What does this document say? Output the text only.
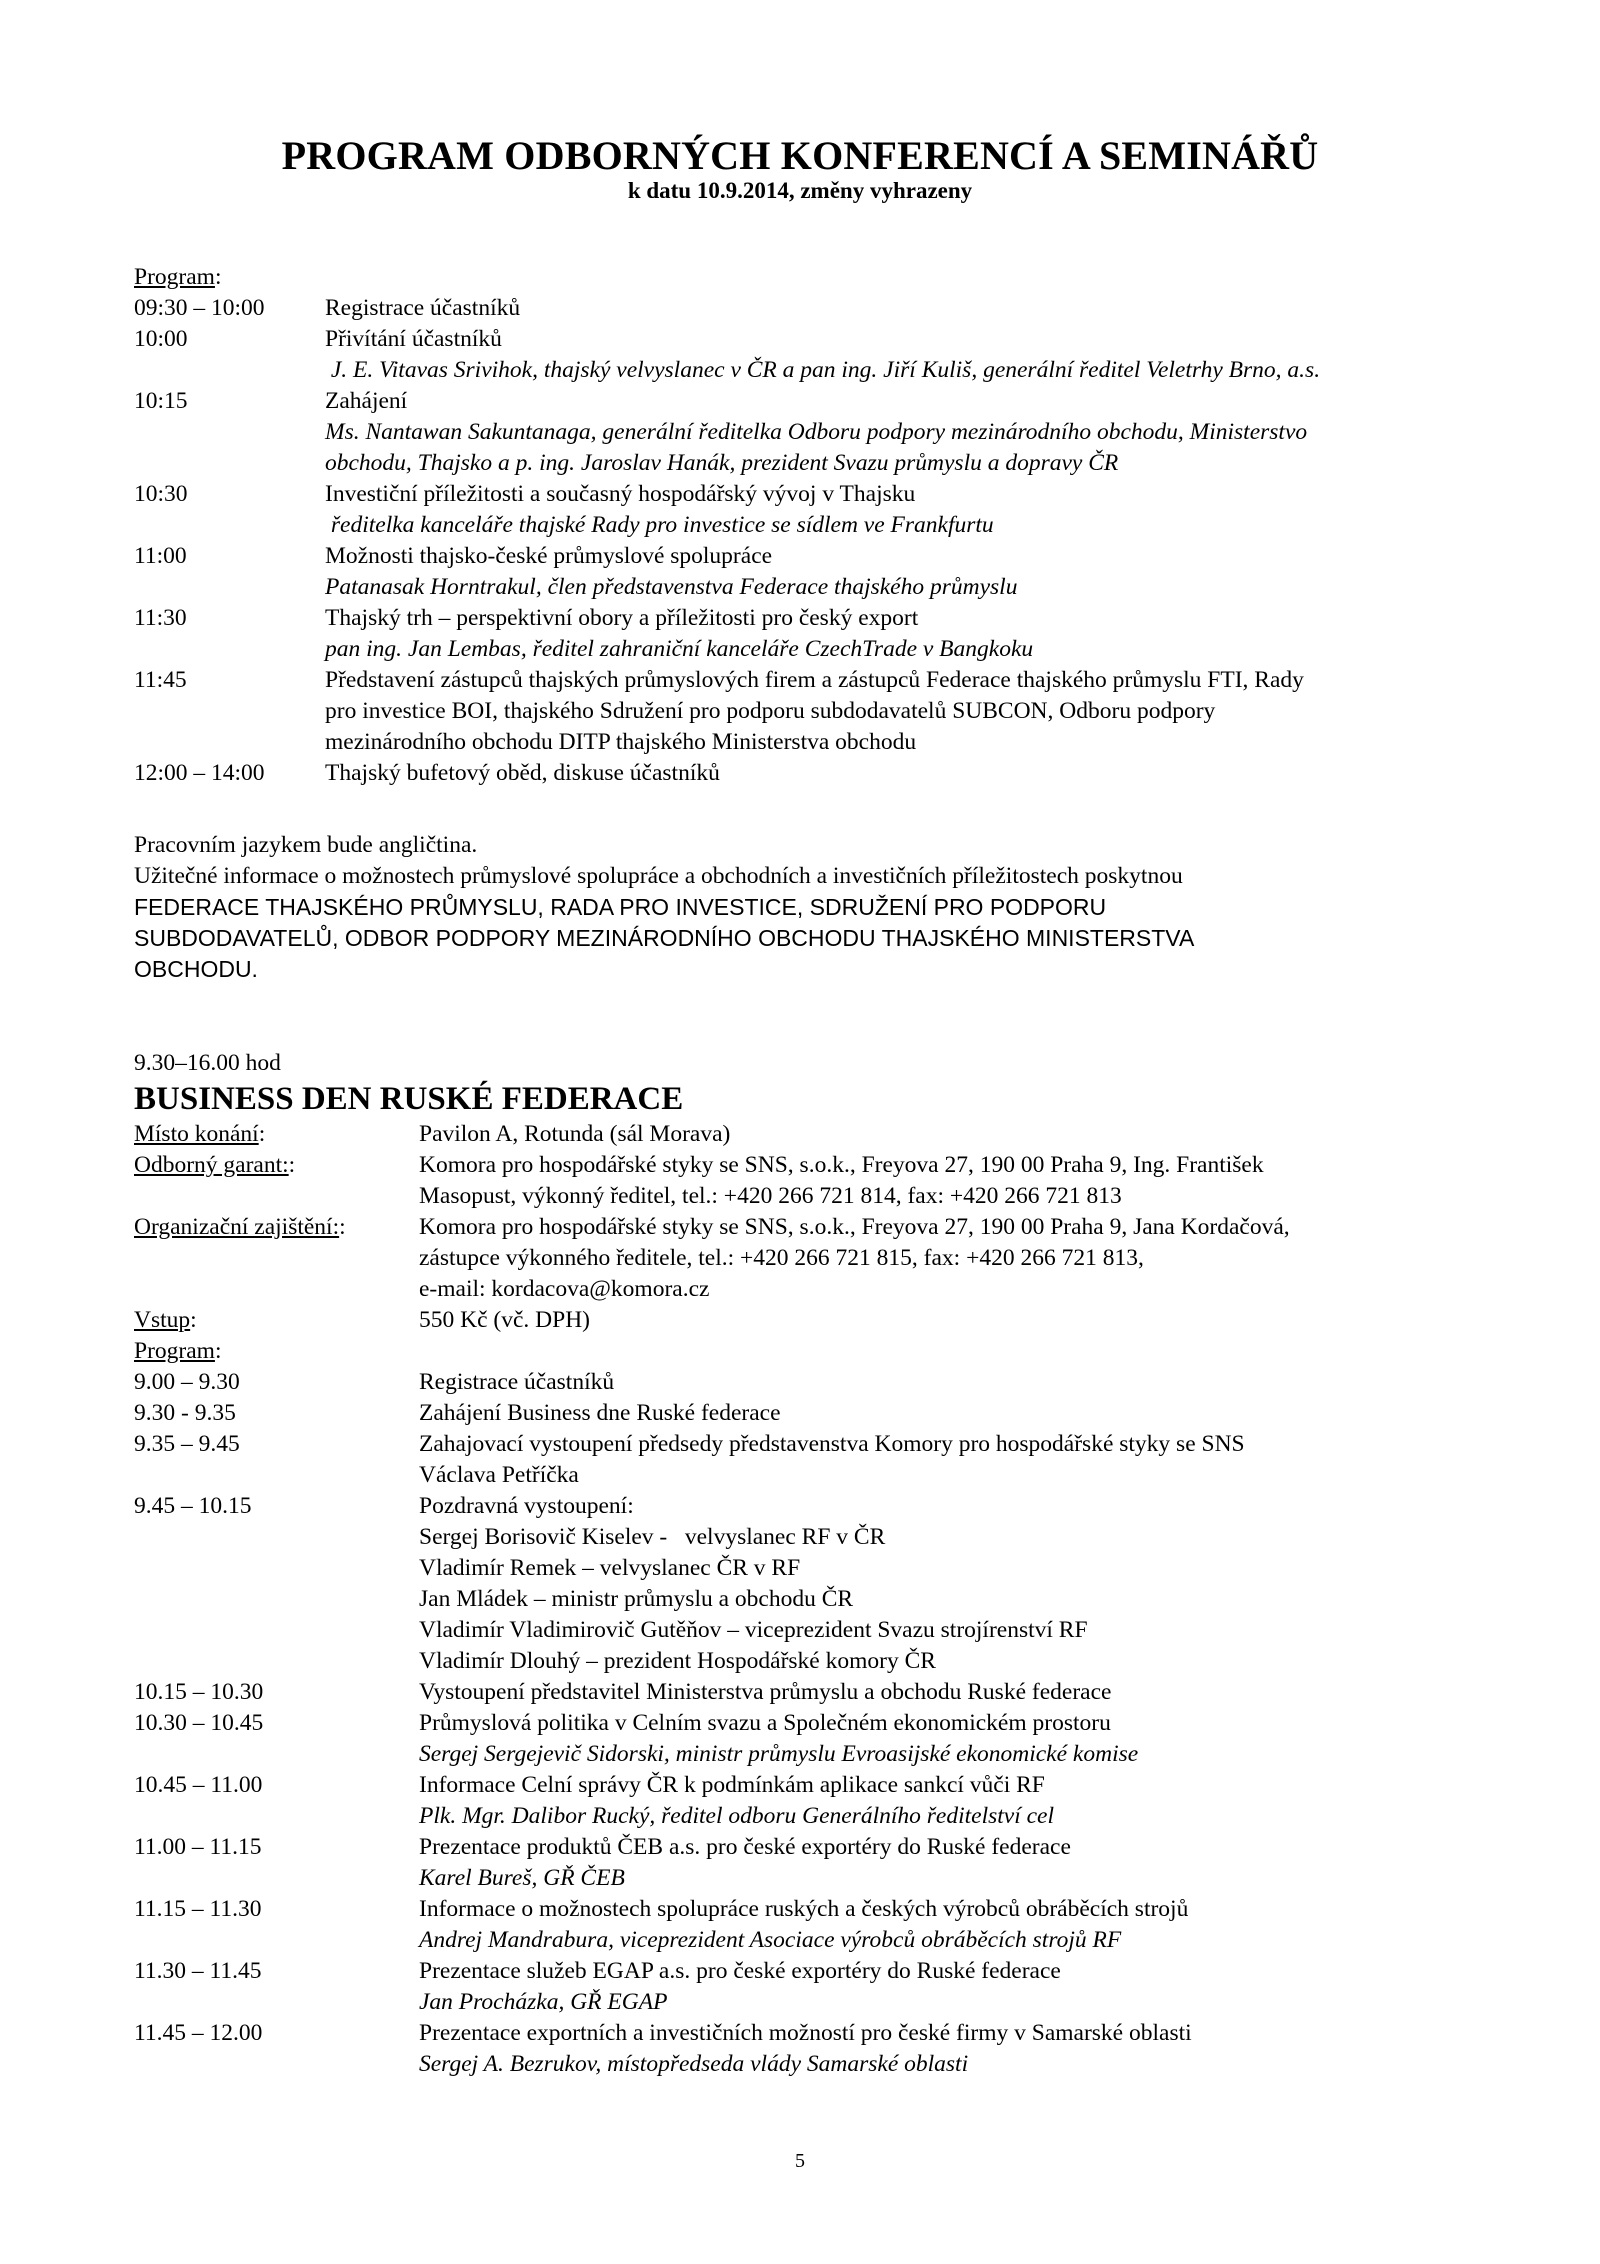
PROGRAM ODBORNÝCH KONFERENCÍ A SEMINÁŘŮ
k datu 10.9.2014, změny vyhrazeny
Program:
09:30 – 10:00	Registrace účastníků
10:00	Přivítání účastníků
J. E. Vitavas Srivihok, thajský velvyslanec v ČR a pan ing. Jiří Kuliš, generální ředitel Veletrhy Brno, a.s.
10:15	Zahájení
Ms. Nantawan Sakuntanaga, generální ředitelka Odboru podpory mezinárodního obchodu, Ministerstvo
obchodu, Thajsko a p. ing. Jaroslav Hanák, prezident Svazu průmyslu a dopravy ČR
10:30	Investiční příležitosti a současný hospodářský vývoj v Thajsku
ředitelka kanceláře thajské Rady pro investice se sídlem ve Frankfurtu
11:00	Možnosti thajsko-české průmyslové spolupráce
Patanasak Horntrakul, člen představenstva Federace thajského průmyslu
11:30	Thajský trh – perspektivní obory a příležitosti pro český export
pan ing. Jan Lembas, ředitel zahraniční kanceláře CzechTrade v Bangkoku
11:45	Představení zástupců thajských průmyslových firem a zástupců Federace thajského průmyslu FTI, Rady
pro investice BOI, thajského Sdružení pro podporu subdodavatelů SUBCON, Odboru podpory
mezinárodního obchodu DITP thajského Ministerstva obchodu
12:00 – 14:00	Thajský bufetový oběd, diskuse účastníků
Pracovním jazykem bude angličtina.
Užitečné informace o možnostech průmyslové spolupráce a obchodních a investičních příležitostech poskytnou
FEDERACE THAJSKÉHO PRŮMYSLU, RADA PRO INVESTICE, SDRUŽENÍ PRO PODPORU
SUBDODAVATELŮ, ODBOR PODPORY MEZINÁRODNÍHO OBCHODU THAJSKÉHO MINISTERSTVA
OBCHODU.
9.30–16.00 hod
BUSINESS DEN RUSKÉ FEDERACE
Místo konání:	Pavilon A, Rotunda (sál Morava)
Odborný garant::	Komora pro hospodářské styky se SNS, s.o.k., Freyova 27, 190 00 Praha 9, Ing. František
Masopust, výkonný ředitel, tel.: +420 266 721 814, fax: +420 266 721 813
Organizační zajištění::	Komora pro hospodářské styky se SNS, s.o.k., Freyova 27, 190 00 Praha 9, Jana Kordačová,
zástupce výkonného ředitele, tel.: +420 266 721 815, fax: +420 266 721 813,
e-mail: kordacova@komora.cz
Vstup:	550 Kč (vč. DPH)
Program:
9.00 – 9.30	Registrace účastníků
9.30 - 9.35	Zahájení Business dne Ruské federace
9.35 – 9.45	Zahajovací vystoupení předsedy představenstva Komory pro hospodářské styky se SNS
Václava Petříčka
9.45 – 10.15	Pozdravná vystoupení:
Sergej Borisovič Kiselev -   velvyslanec RF v ČR
Vladimír Remek – velvyslanec ČR v RF
Jan Mládek – ministr průmyslu a obchodu ČR
Vladimír Vladimirovič Gutěňov – viceprezident Svazu strojírenství RF
Vladimír Dlouhý – prezident Hospodářské komory ČR
10.15 – 10.30	Vystoupení představitel Ministerstva průmyslu a obchodu Ruské federace
10.30 – 10.45	Průmyslová politika v Celním svazu a Společném ekonomickém prostoru
Sergej Sergejevič Sidorski, ministr průmyslu Evroasijské ekonomické komise
10.45 – 11.00	Informace Celní správy ČR k podmínkám aplikace sankcí vůči RF
Plk. Mgr. Dalibor Rucký, ředitel odboru Generálního ředitelství cel
11.00 – 11.15	Prezentace produktů ČEB a.s. pro české exportéry do Ruské federace
Karel Bureš, GŘ ČEB
11.15 – 11.30	Informace o možnostech spolupráce ruských a českých výrobců obráběcích strojů
Andrej Mandrabura, viceprezident Asociace výrobců obráběcích strojů RF
11.30 – 11.45	Prezentace služeb EGAP a.s. pro české exportéry do Ruské federace
Jan Procházka, GŘ EGAP
11.45 – 12.00	Prezentace exportních a investičních možností pro české firmy v Samarské oblasti
Sergej A. Bezrukov, místopředseda vlády Samarské oblasti
5
